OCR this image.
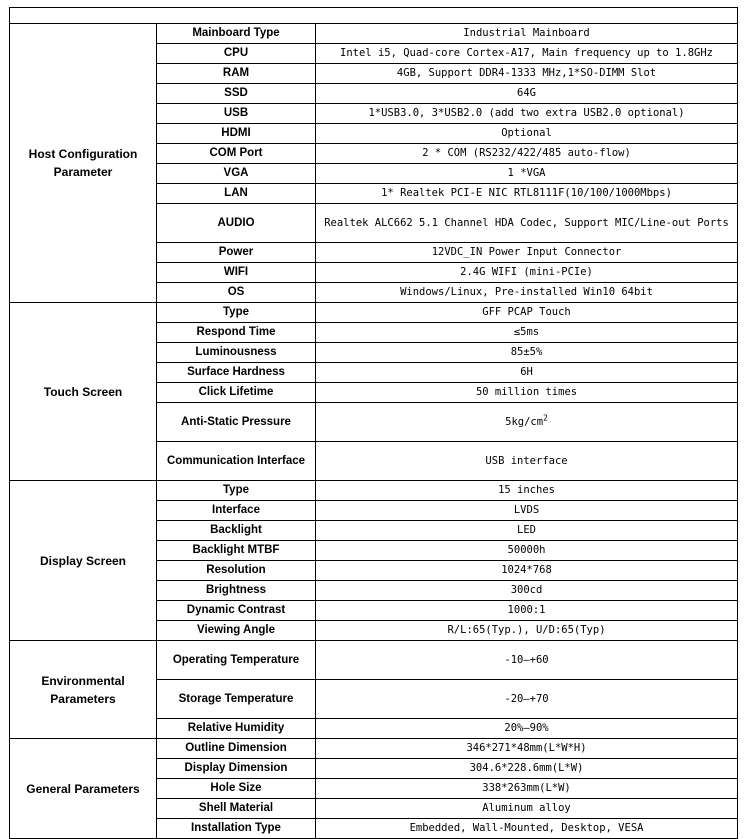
Host Configuration Parameter	Mainboard Type	Industrial Mainboard
	CPU	Intel i5, Quad-core Cortex-A17, Main frequency up to 1.8GHz
	RAM	4GB, Support DDR4-1333 MHz,1*SO-DIMM Slot
	SSD	64G
	USB	1*USB3.0, 3*USB2.0 (add two extra USB2.0 optional)
	HDMI	Optional
	COM Port	2 * COM (RS232/422/485 auto-flow)
	VGA	1 *VGA
	LAN	1* Realtek PCI-E NIC RTL8111F(10/100/1000Mbps)
	AUDIO	Realtek ALC662 5.1 Channel HDA Codec, Support MIC/Line-out Ports
	Power	12VDC_IN Power Input Connector
	WIFI	2.4G WIFI (mini-PCIe)
	OS	Windows/Linux, Pre-installed Win10 64bit
Touch Screen	Type	GFF PCAP Touch
	Respond Time	≤5ms
	Luminousness	85±5%
	Surface Hardness	6H
	Click Lifetime	50 million times
	Anti-Static Pressure	$5kg/cm^2$
	Communication Interface	USB interface
Display Screen	Type	15 inches
	Interface	LVDS
	Backlight	LED
	Backlight MTBF	50000h
	Resolution	1024*768
	Brightness	300cd
	Dynamic Contrast	1000:1
	Viewing Angle	R/L:65(Typ.), U/D:65(Typ)
Environmental Parameters	Operating Temperature	-10—+60
	Storage Temperature	-20—+70
	Relative Humidity	20%—90%
General Parameters	Outline Dimension	346*271*48mm(L*W*H)
	Display Dimension	304.6*228.6mm(L*W)
	Hole Size	338*263mm(L*W)
	Shell Material	Aluminum alloy
	Installation Type	Embedded, Wall-Mounted, Desktop, VESA
